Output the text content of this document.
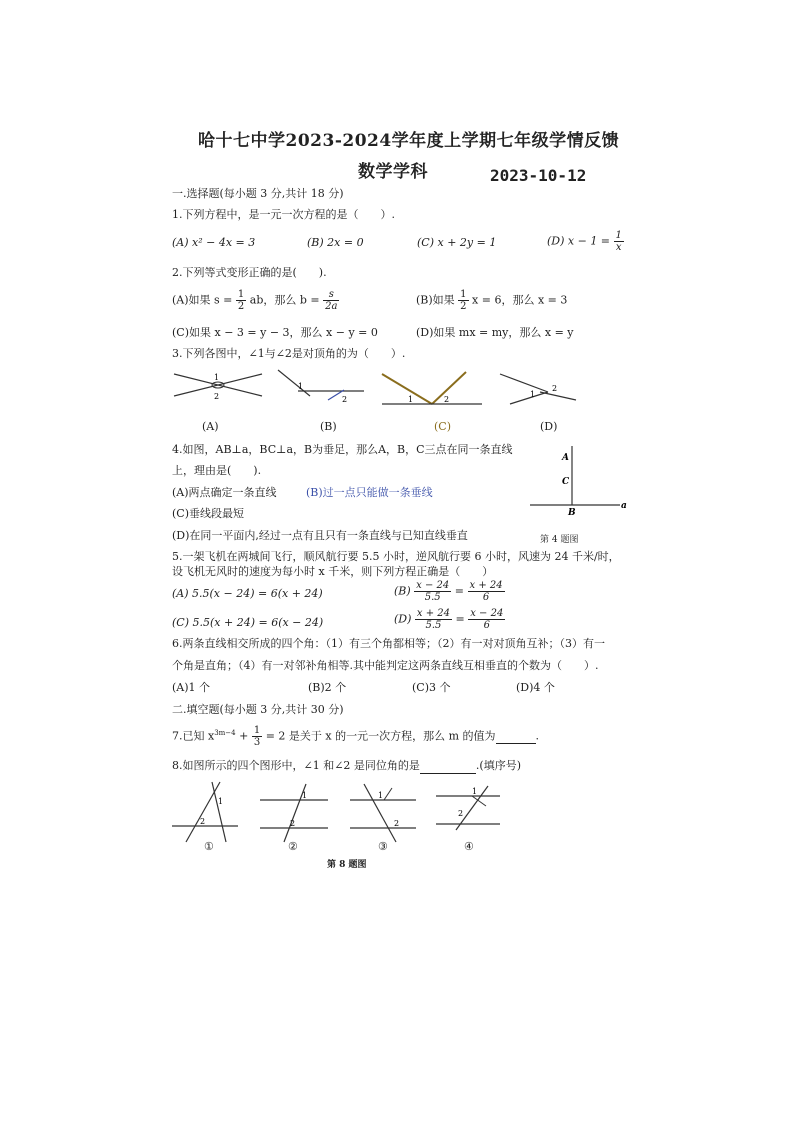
哈十七中学2023-2024学年度上学期七年级学情反馈
数学学科	2023-10-12
一.选择题(每小题 3 分,共计 18 分)
1.下列方程中，是一元一次方程的是（　　）.
(A) x² − 4x = 3	(B) 2x = 0	(C) x + 2y = 1	(D) $x - 1 = \frac{1}{x}$
2.下列等式变形正确的是(　　).
(A)如果 $s = \frac{1}{2}$ ab，那么 $b = \frac{s}{2a}$	(B)如果 $\frac{1}{2}$ x = 6，那么 x = 3
(C)如果 x − 3 = y − 3，那么 x − y = 0	(D)如果 mx = my，那么 x = y
3.下列各图中，∠1与∠2是对顶角的为（　　）.
1
2
1
2	1	2
1
2
(A)	(B)	(C)	(D)
4.如图，AB⊥a，BC⊥a，B为垂足，那么A，B，C三点在同一条直线
上，理由是(　　).
(A)两点确定一条直线	(B)过一点只能做一条垂线
(C)垂线段最短
(D)在同一平面内,经过一点有且只有一条直线与已知直线垂直
A
C
B
a
第 4 题图
5.一架飞机在两城间飞行，顺风航行要 5.5 小时，逆风航行要 6 小时，风速为 24 千米/时，
设飞机无风时的速度为每小时 x 千米，则下列方程正确是（　　）
(A) 5.5(x − 24) = 6(x + 24)	$(B) \frac{x - 24}{5.5} = \frac{x + 24}{6}$
(C) 5.5(x + 24) = 6(x − 24)	$(D) \frac{x + 24}{5.5} = \frac{x - 24}{6}$
6.两条直线相交所成的四个角：（1）有三个角都相等；（2）有一对对顶角互补；（3）有一
个角是直角；（4）有一对邻补角相等.其中能判定这两条直线互相垂直的个数为（　　）.
(A)1 个	(B)2 个	(C)3 个	(D)4 个
二.填空题(每小题 3 分,共计 30 分)
7.已知 $x^{3m-4} + \frac{1}{3} = 2$ 是关于 x 的一元一次方程，那么 m 的值为	.
8.如图所示的四个图形中，∠1 和∠2 是同位角的是	.(填序号)
1
2
1
2
1
2
1
2
①	②	③	④
第 8 题图
